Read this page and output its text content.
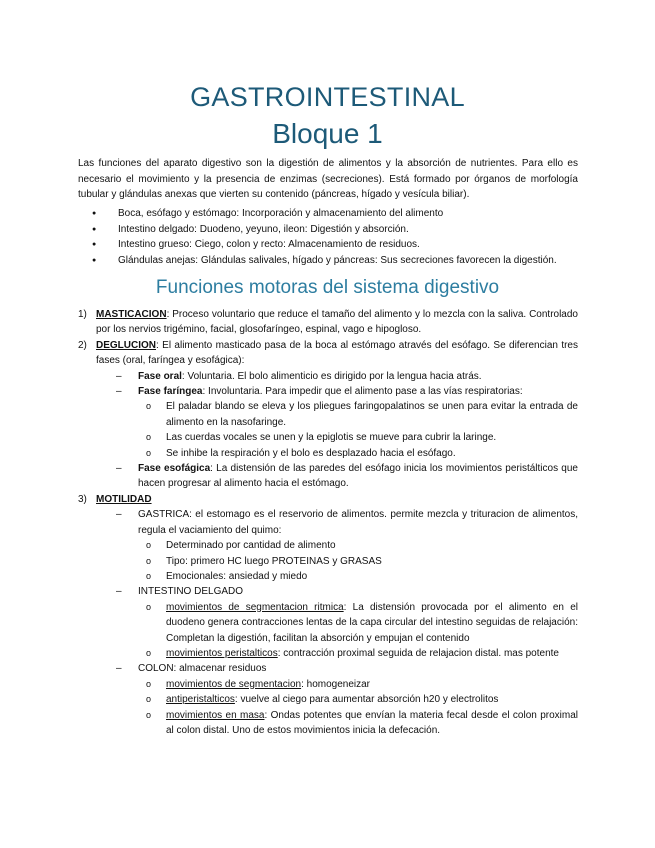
GASTROINTESTINAL
Bloque 1
Las funciones del aparato digestivo son la digestión de alimentos y la absorción de nutrientes. Para ello es necesario el movimiento y la presencia de enzimas (secreciones). Está formado por órganos de morfología tubular y glándulas anexas que vierten su contenido (páncreas, hígado y vesícula biliar).
● Boca, esófago y estómago: Incorporación y almacenamiento del alimento
● Intestino delgado: Duodeno, yeyuno, ileon: Digestión y absorción.
● Intestino grueso: Ciego, colon y recto: Almacenamiento de residuos.
● Glándulas anejas: Glándulas salivales, hígado y páncreas: Sus secreciones favorecen la digestión.
Funciones motoras del sistema digestivo
1) MASTICACION: Proceso voluntario que reduce el tamaño del alimento y lo mezcla con la saliva. Controlado por los nervios trigémino, facial, glosofaríngeo, espinal, vago e hipogloso.
2) DEGLUCION: El alimento masticado pasa de la boca al estómago através del esófago. Se diferencian tres fases (oral, faríngea y esofágica):
– Fase oral: Voluntaria. El bolo alimenticio es dirigido por la lengua hacia atrás.
– Fase faríngea: Involuntaria. Para impedir que el alimento pase a las vías respiratorias:
o El paladar blando se eleva y los pliegues faringopalatinos se unen para evitar la entrada de alimento en la nasofaringe.
o Las cuerdas vocales se unen y la epiglotis se mueve para cubrir la laringe.
o Se inhibe la respiración y el bolo es desplazado hacia el esófago.
– Fase esofágica: La distensión de las paredes del esófago inicia los movimientos peristálticos que hacen progresar al alimento hacia el estómago.
3) MOTILIDAD
– GASTRICA: el estomago es el reservorio de alimentos. permite mezcla y trituracion de alimentos, regula el vaciamiento del quimo:
o Determinado por cantidad de alimento
o Tipo: primero HC luego PROTEINAS y GRASAS
o Emocionales: ansiedad y miedo
– INTESTINO DELGADO
o movimientos de segmentacion ritmica: La distensión provocada por el alimento en el duodeno genera contracciones lentas de la capa circular del intestino seguidas de relajación: Completan la digestión, facilitan la absorción y empujan el contenido
o movimientos peristalticos: contracción proximal seguida de relajacion distal. mas potente
– COLON: almacenar residuos
o movimientos de segmentacion: homogeneizar
o antiperistalticos: vuelve al ciego para aumentar absorción h20 y electrolitos
o movimientos en masa: Ondas potentes que envían la materia fecal desde el colon proximal al colon distal. Uno de estos movimientos inicia la defecación.
